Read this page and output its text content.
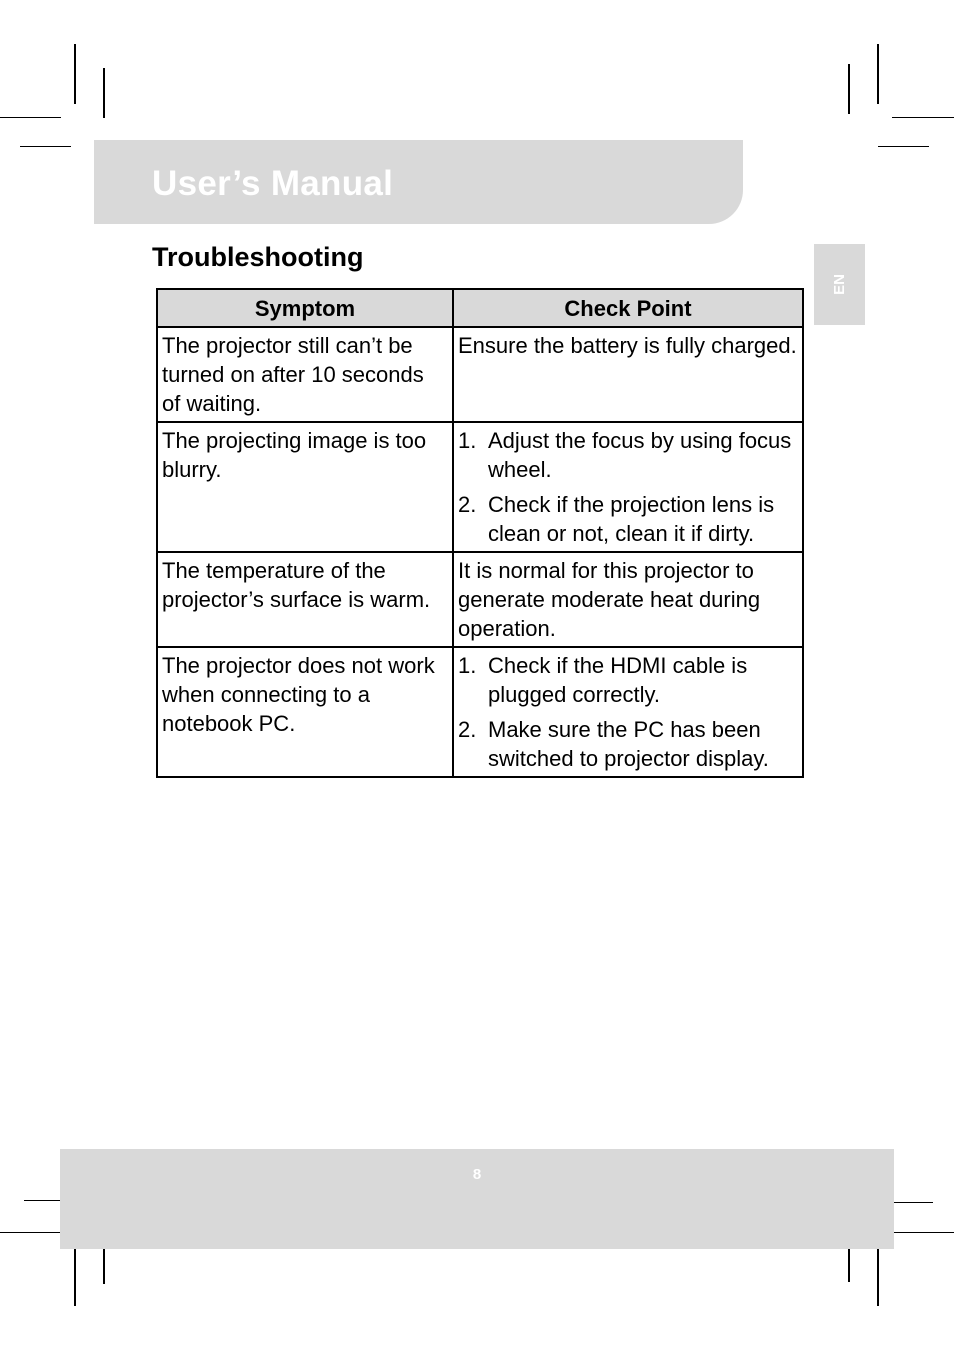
User’s Manual
EN
Troubleshooting
Symptom	Check Point

The projector still can’t be turned on after 10 seconds of waiting.	Ensure the battery is fully charged.

The projecting image is too blurry.	1. Adjust the focus by using focus wheel.
2. Check if the projection lens is clean or not, clean it if dirty.

The temperature of the projector’s surface is warm.	It is normal for this projector to generate moderate heat during operation.

The projector does not work when connecting to a notebook PC.	1. Check if the HDMI cable is plugged correctly.
2. Make sure the PC has been switched to projector display.
8
